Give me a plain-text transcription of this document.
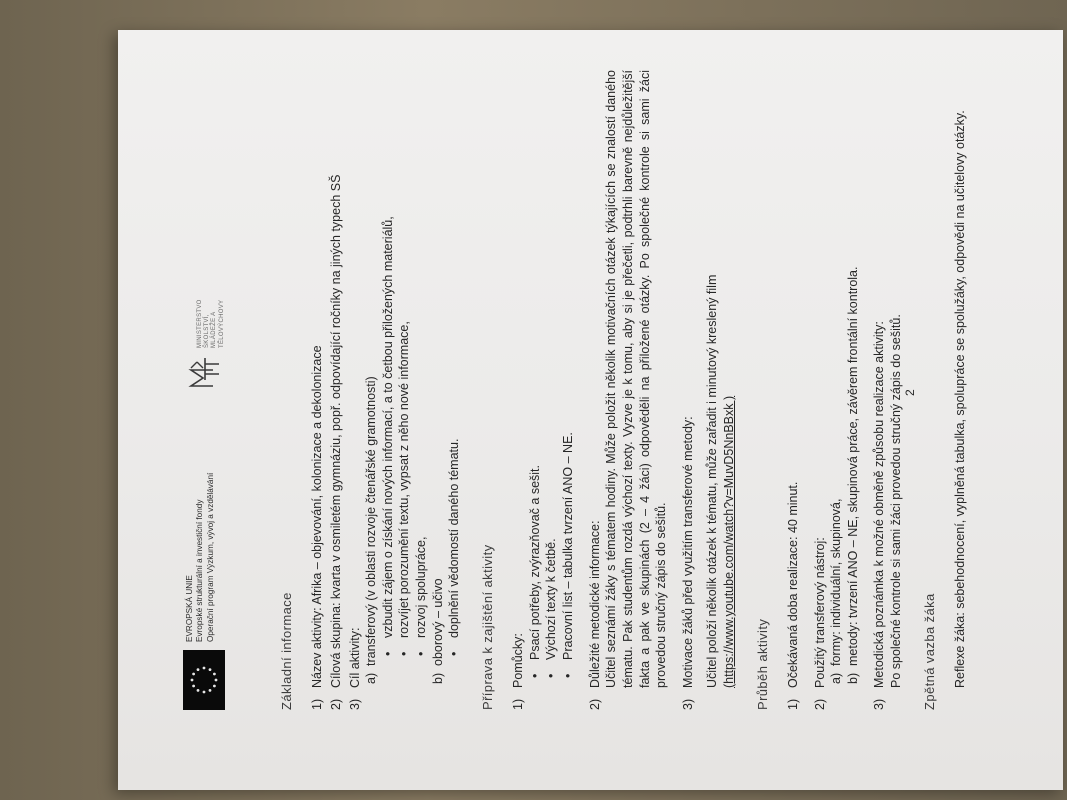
EVROPSKÁ UNIE Evropské strukturální a investiční fondy Operační program Výzkum, vývoj a vzdělávání
MINISTERSTVO ŠKOLSTVÍ, MLÁDEŽE A TĚLOVÝCHOVY
Základní informace 1)
Název aktivity: Afrika – objevování, kolonizace a dekolonizace
2)
Cílová skupina: kvarta v osmiletém gymnáziu, popř. odpovídající ročníky na jiných typech SŠ
3)
Cíl aktivity: a)
transferový (v oblasti rozvoje čtenářské gramotnosti) • vzbudit zájem o získání nových informací, a to četbou přiložených materiálů, • rozvíjet porozumění textu, vypsat z něho nové informace, • rozvoj spolupráce,
b)
oborový – učivo • doplnění vědomostí daného tématu. Příprava k zajištění aktivity 1)
Pomůcky:
• Psací potřeby, zvýrazňovač a sešit. • Výchozí texty k četbě. • Pracovní list – tabulka tvrzení ANO – NE.
2)
Důležité metodické informace: Učitel seznámí žáky s tématem hodiny. Může položit několik motivačních otázek týkajících se znalostí daného tématu. Pak studentům rozdá výchozí texty. Vyzve je k tomu, aby si je přečetli, podtrhli barevně nejdůležitější fakta a pak ve skupinách (2 – 4 žáci) odpověděli na přiložené otázky. Po společné kontrole si sami žáci provedou stručný zápis do sešitů.
3)
Motivace žáků před využitím transferové metody: Učitel položí několik otázek k tématu, může zařadit i minutový kreslený film (https://www.youtube.com/watch?v=MuvD5NnBBxk ) Průběh aktivity 1)
Očekávaná doba realizace: 40 minut.
2)
Použitý transferový nástroj: a)
formy: individuální, skupinová,
b)
metody: tvrzení ANO – NE, skupinová práce, závěrem frontální kontrola.
3)
Metodická poznámka k možné obměně způsobu realizace aktivity: Po společné kontrole si sami žáci provedou stručný zápis do sešitů. Zpětná vazba žáka Reflexe žáka: sebehodnocení, vyplněná tabulka, spolupráce se spolužáky, odpovědi na učitelovy otázky.
2
